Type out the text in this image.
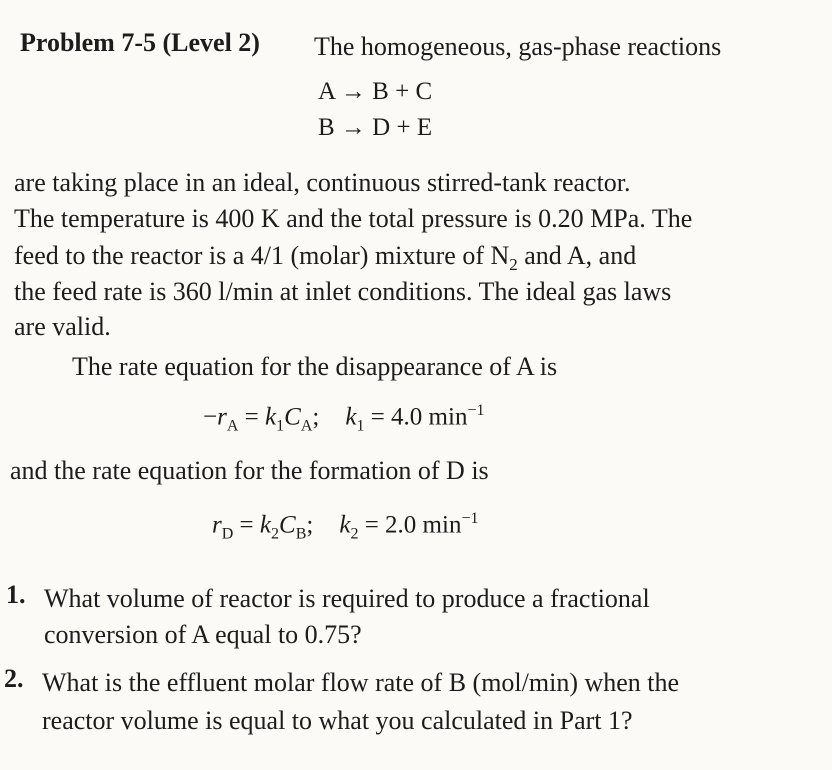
Problem 7-5 (Level 2) The homogeneous, gas-phase reactions
A → B + C
B → D + E
are taking place in an ideal, continuous stirred-tank reactor.
The temperature is 400 K and the total pressure is 0.20 MPa. The
feed to the reactor is a 4/1 (molar) mixture of $N_2$ and A, and
the feed rate is 360 l/min at inlet conditions. The ideal gas laws
are valid.
The rate equation for the disappearance of A is
$-r_A = k_1C_A$; $k_1 = 4.0$ $\min^{-1}$
and the rate equation for the formation of D is
$r_D = k_2C_B$; $k_2 = 2.0$ $\min^{-1}$
1. What volume of reactor is required to produce a fractional
conversion of A equal to 0.75?
2. What is the effluent molar flow rate of B (mol/min) when the
reactor volume is equal to what you calculated in Part 1?
